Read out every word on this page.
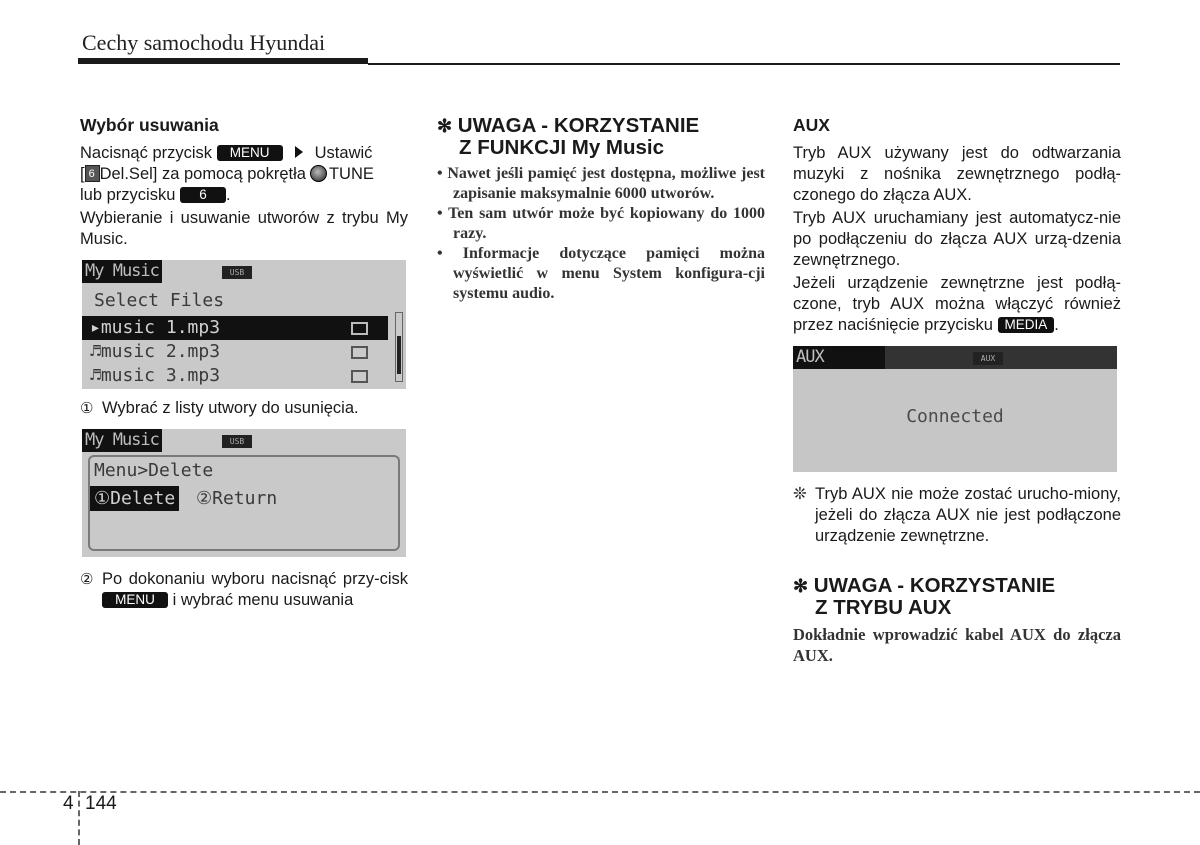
Cechy samochodu Hyundai
Wybór usuwania
Nacisnąć przycisk MENU	Ustawić
[ 6 Del.Sel] za pomocą pokrętła TUNE
lub przycisku 6 .
Wybieranie i usuwanie utworów z trybu My Music.
My Music	USB
Select Files
▸music 1.mp3
♬music 2.mp3
♬music 3.mp3
① Wybrać z listy utwory do usunięcia.
My Music	USB
Menu>Delete
①Delete ②Return
② Po dokonaniu wyboru nacisnąć przy-cisk MENU i wybrać menu usuwania
✻ UWAGA - KORZYSTANIE
Z FUNKCJI My Music
• Nawet jeśli pamięć jest dostępna, możliwe jest zapisanie maksymalnie 6000 utworów.
• Ten sam utwór może być kopiowany do 1000 razy.
• Informacje dotyczące pamięci można wyświetlić w menu System konfigura-cji systemu audio.
AUX
Tryb AUX używany jest do odtwarzania muzyki z nośnika zewnętrznego podłą-czonego do złącza AUX.
Tryb AUX uruchamiany jest automatycz-nie po podłączeniu do złącza AUX urzą-dzenia zewnętrznego.
Jeżeli urządzenie zewnętrzne jest podłą-czone, tryb AUX można włączyć również przez naciśnięcie przycisku MEDIA .
AUX	AUX
Connected
❊ Tryb AUX nie może zostać urucho-miony, jeżeli do złącza AUX nie jest podłączone urządzenie zewnętrzne.
✻ UWAGA - KORZYSTANIE
Z TRYBU AUX
Dokładnie wprowadzić kabel AUX do złącza AUX.
4 144
